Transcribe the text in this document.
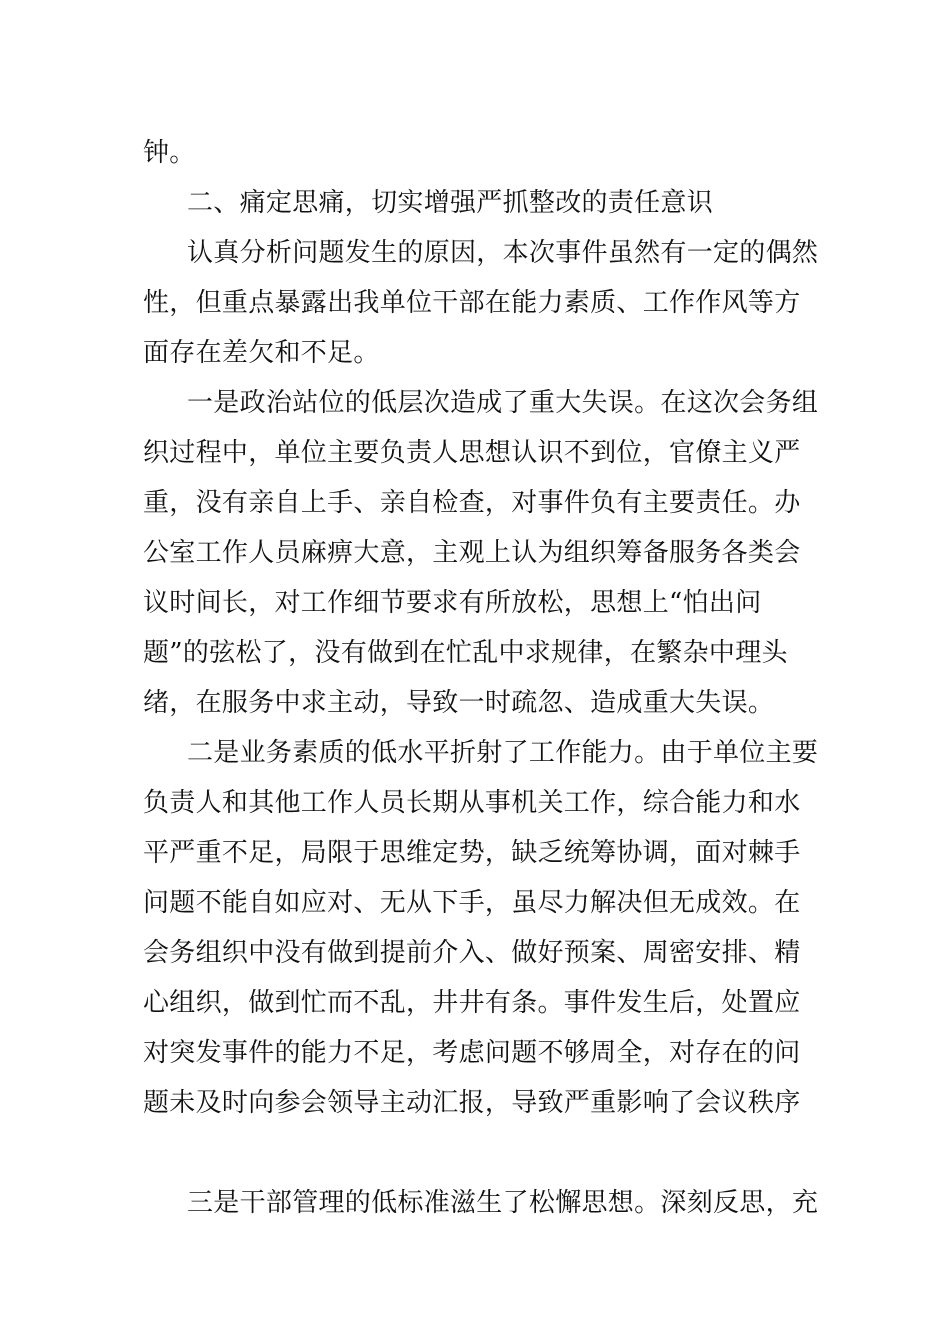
钟。
二、痛定思痛，切实增强严抓整改的责任意识
认真分析问题发生的原因，本次事件虽然有一定的偶然
性，但重点暴露出我单位干部在能力素质、工作作风等方
面存在差欠和不足。
一是政治站位的低层次造成了重大失误。在这次会务组
织过程中，单位主要负责人思想认识不到位，官僚主义严
重，没有亲自上手、亲自检查，对事件负有主要责任。办
公室工作人员麻痹大意，主观上认为组织筹备服务各类会
议时间长，对工作细节要求有所放松，思想上“怕出问
题”的弦松了，没有做到在忙乱中求规律，在繁杂中理头
绪，在服务中求主动，导致一时疏忽、造成重大失误。
二是业务素质的低水平折射了工作能力。由于单位主要
负责人和其他工作人员长期从事机关工作，综合能力和水
平严重不足，局限于思维定势，缺乏统筹协调，面对棘手
问题不能自如应对、无从下手，虽尽力解决但无成效。在
会务组织中没有做到提前介入、做好预案、周密安排、精
心组织，做到忙而不乱，井井有条。事件发生后，处置应
对突发事件的能力不足，考虑问题不够周全，对存在的问
题未及时向参会领导主动汇报，导致严重影响了会议秩序
三是干部管理的低标准滋生了松懈思想。深刻反思，充
